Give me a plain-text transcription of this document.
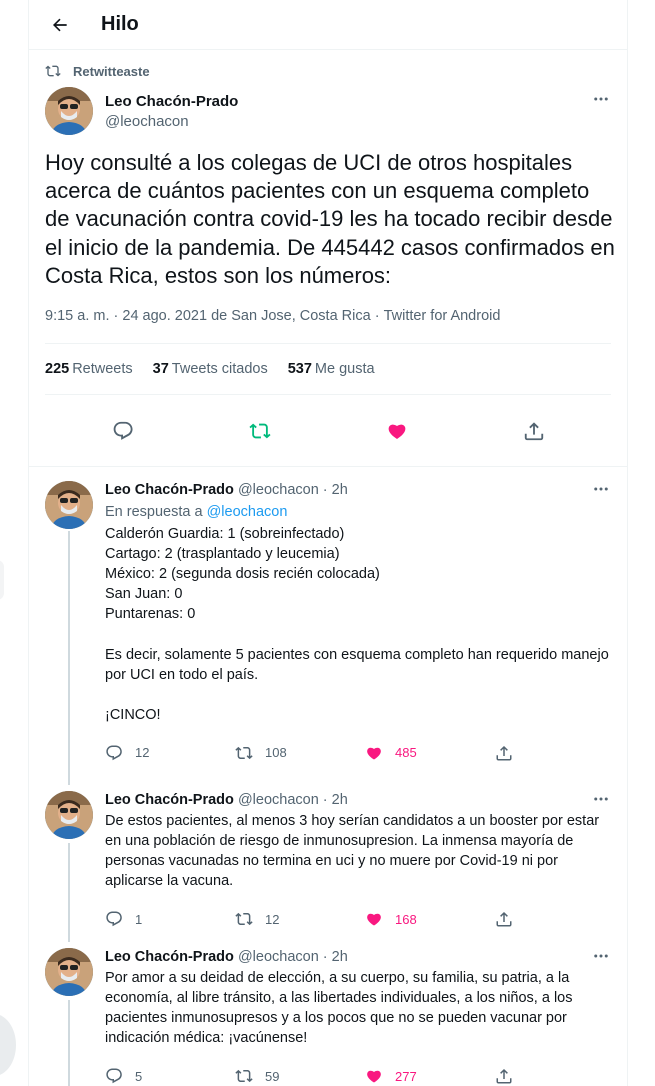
Hilo
Retwitteaste
Leo Chacón-Prado
@leochacon
Hoy consulté a los colegas de UCI de otros hospitales acerca de cuántos pacientes con un esquema completo de vacunación contra covid-19 les ha tocado recibir desde el inicio de la pandemia. De 445442 casos confirmados en Costa Rica, estos son los números:
9:15 a. m. · 24 ago. 2021
de San Jose, Costa Rica · Twitter for Android
225 Retweets 37 Tweets citados 537 Me gusta
Leo Chacón-Prado @leochacon · 2h
En respuesta a @leochacon
Calderón Guardia: 1 (sobreinfectado)
Cartago: 2 (trasplantado y leucemia)
México: 2 (segunda dosis recién colocada)
San Juan: 0
Puntarenas: 0

Es decir, solamente 5 pacientes con esquema completo han requerido manejo por UCI en todo el país.

¡CINCO!
12	108	485
Leo Chacón-Prado @leochacon · 2h
De estos pacientes, al menos 3 hoy serían candidatos a un booster por estar en una población de riesgo de inmunosupresion. La inmensa mayoría de personas vacunadas no termina en uci y no muere por Covid-19 ni por aplicarse la vacuna.
1	12	168
Leo Chacón-Prado @leochacon · 2h
Por amor a su deidad de elección, a su cuerpo, su familia, su patria, a la economía, al libre tránsito, a las libertades individuales, a los niños, a los pacientes inmunosupresos y a los pocos que no se pueden vacunar por indicación médica: ¡vacúnense!
5	59	277
